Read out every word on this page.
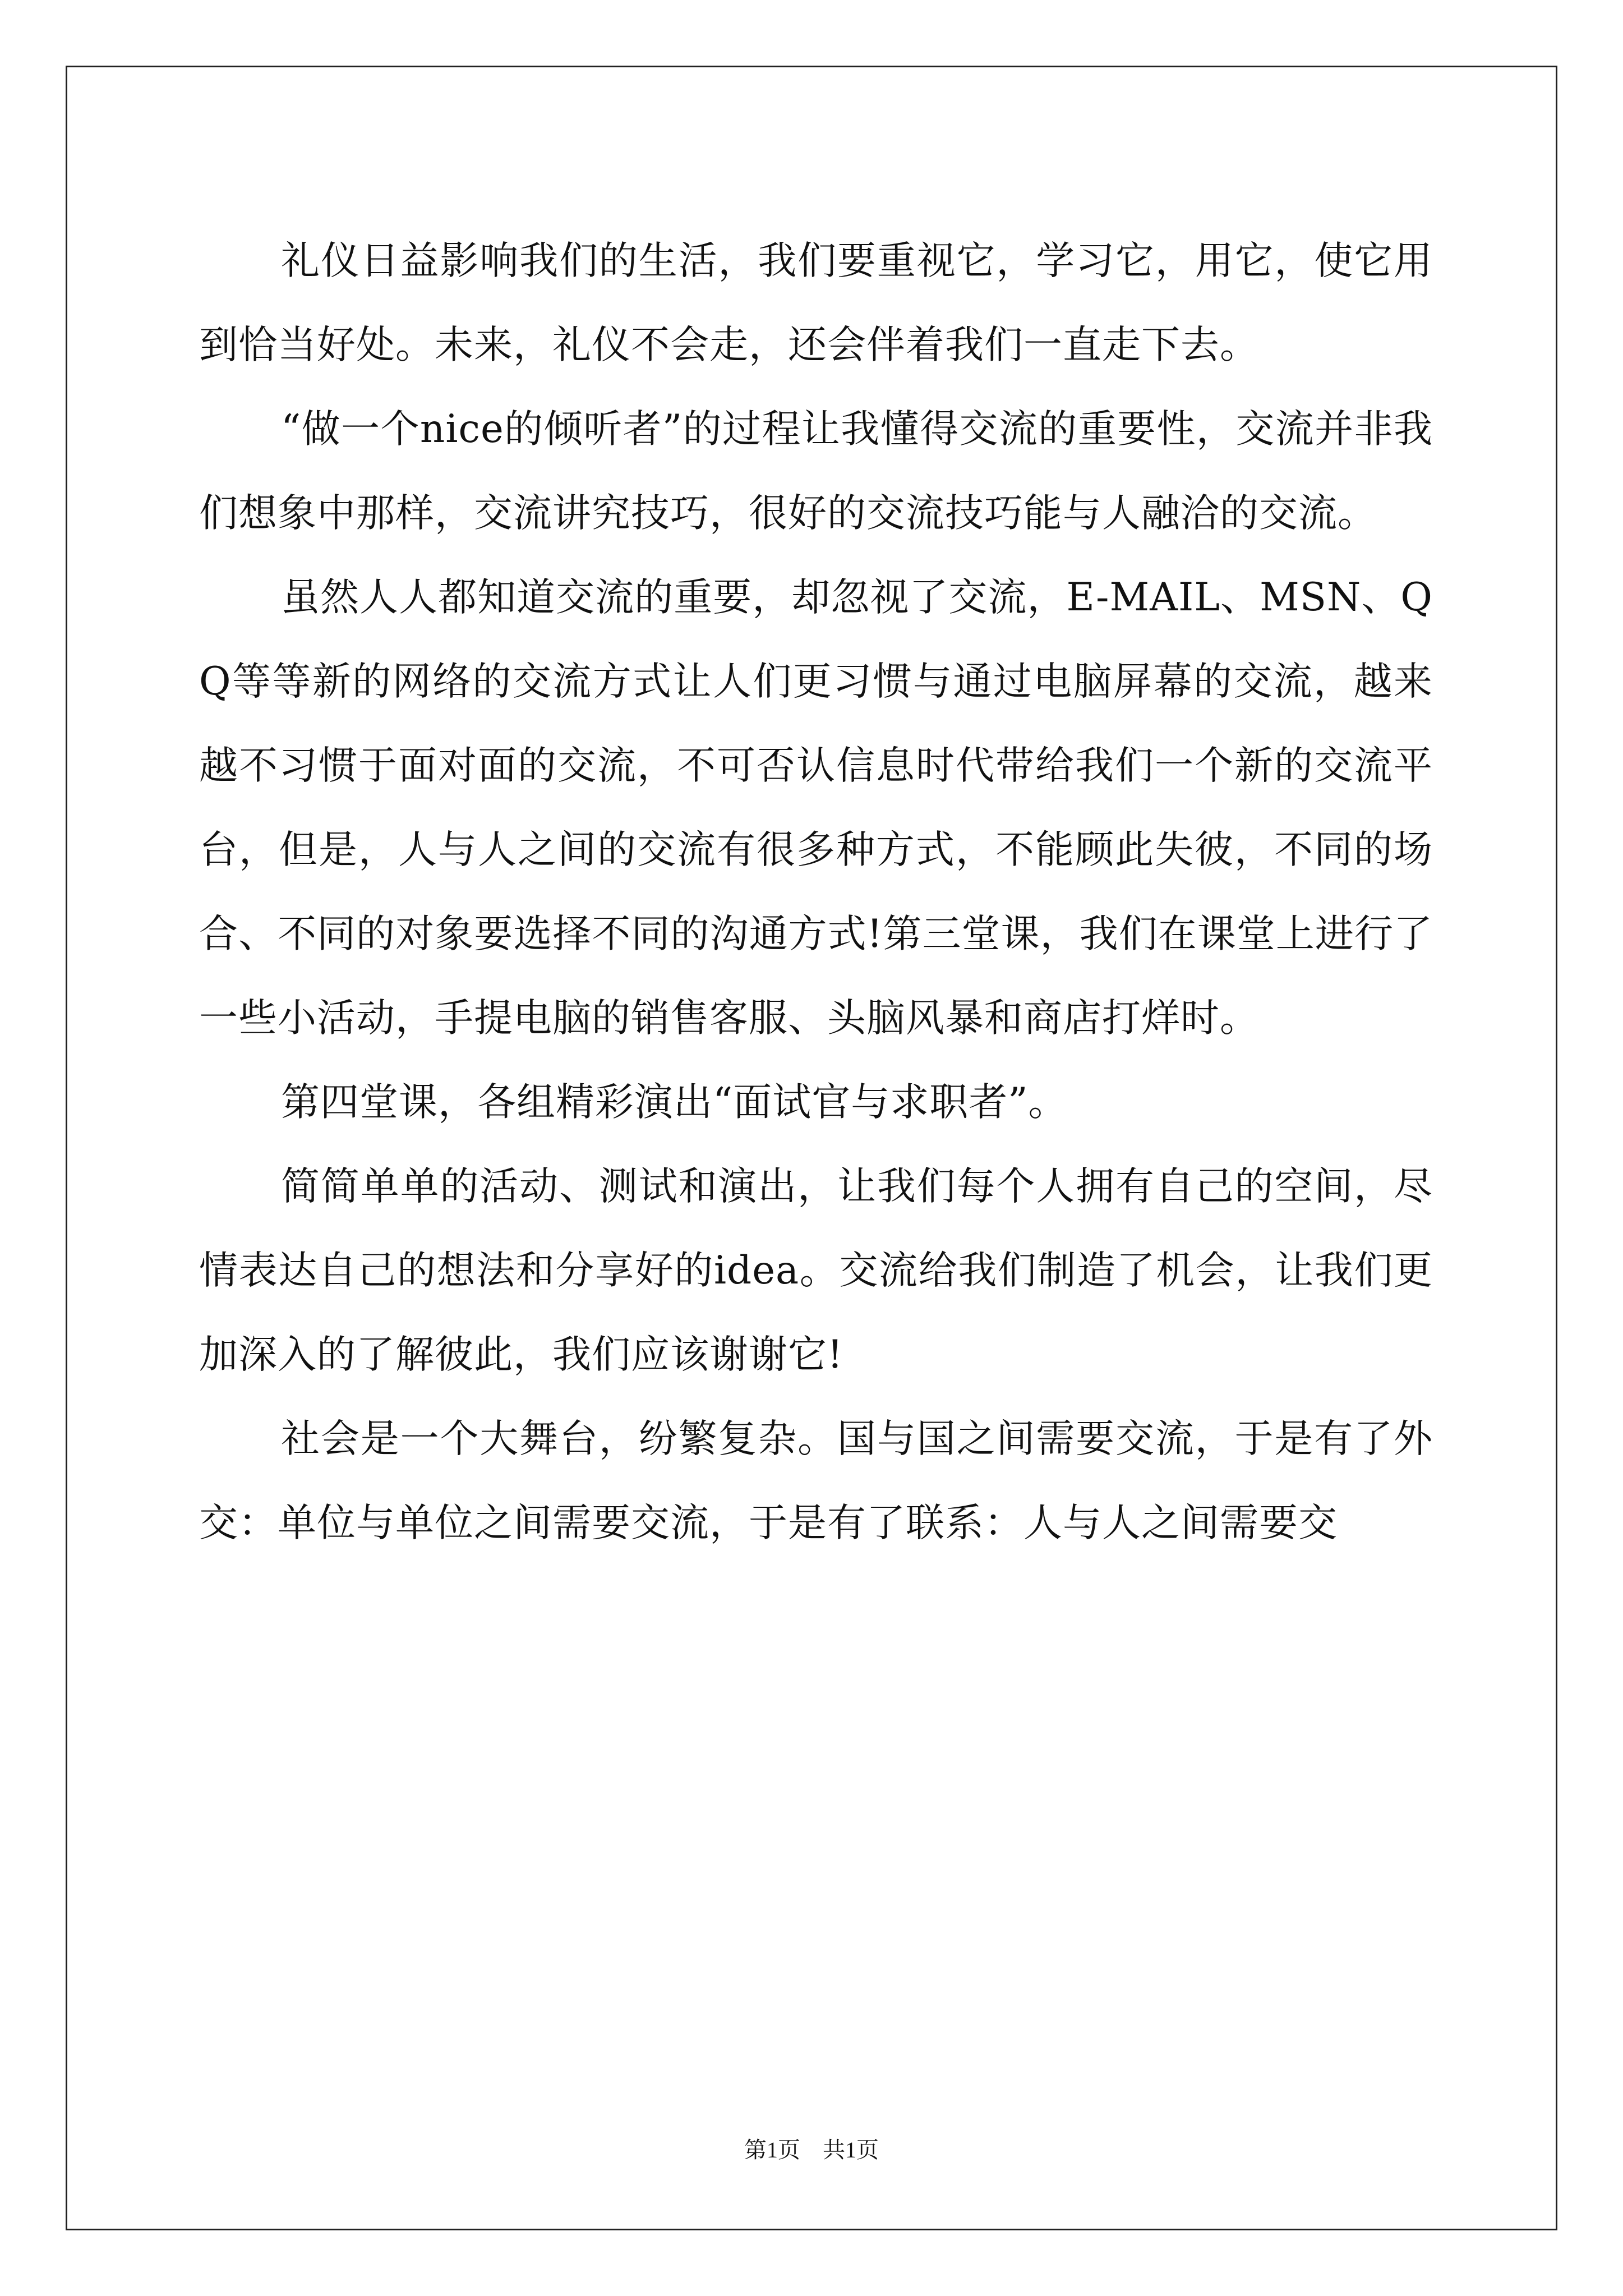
礼仪日益影响我们的生活，我们要重视它，学习它，用它，使它用到恰当好处。未来，礼仪不会走，还会伴着我们一直走下去。

“做一个nice的倾听者”的过程让我懂得交流的重要性，交流并非我们想象中那样，交流讲究技巧，很好的交流技巧能与人融洽的交流。

虽然人人都知道交流的重要，却忽视了交流，E-MAIL、MSN、QQ等等新的网络的交流方式让人们更习惯与通过电脑屏幕的交流，越来越不习惯于面对面的交流，不可否认信息时代带给我们一个新的交流平台，但是，人与人之间的交流有很多种方式，不能顾此失彼，不同的场合、不同的对象要选择不同的沟通方式!第三堂课，我们在课堂上进行了一些小活动，手提电脑的销售客服、头脑风暴和商店打烊时。

第四堂课，各组精彩演出“面试官与求职者”。

简简单单的活动、测试和演出，让我们每个人拥有自己的空间，尽情表达自己的想法和分享好的idea。交流给我们制造了机会，让我们更加深入的了解彼此，我们应该谢谢它!

社会是一个大舞台，纷繁复杂。国与国之间需要交流，于是有了外交：单位与单位之间需要交流，于是有了联系：人与人之间需要交

第1页　共1页
